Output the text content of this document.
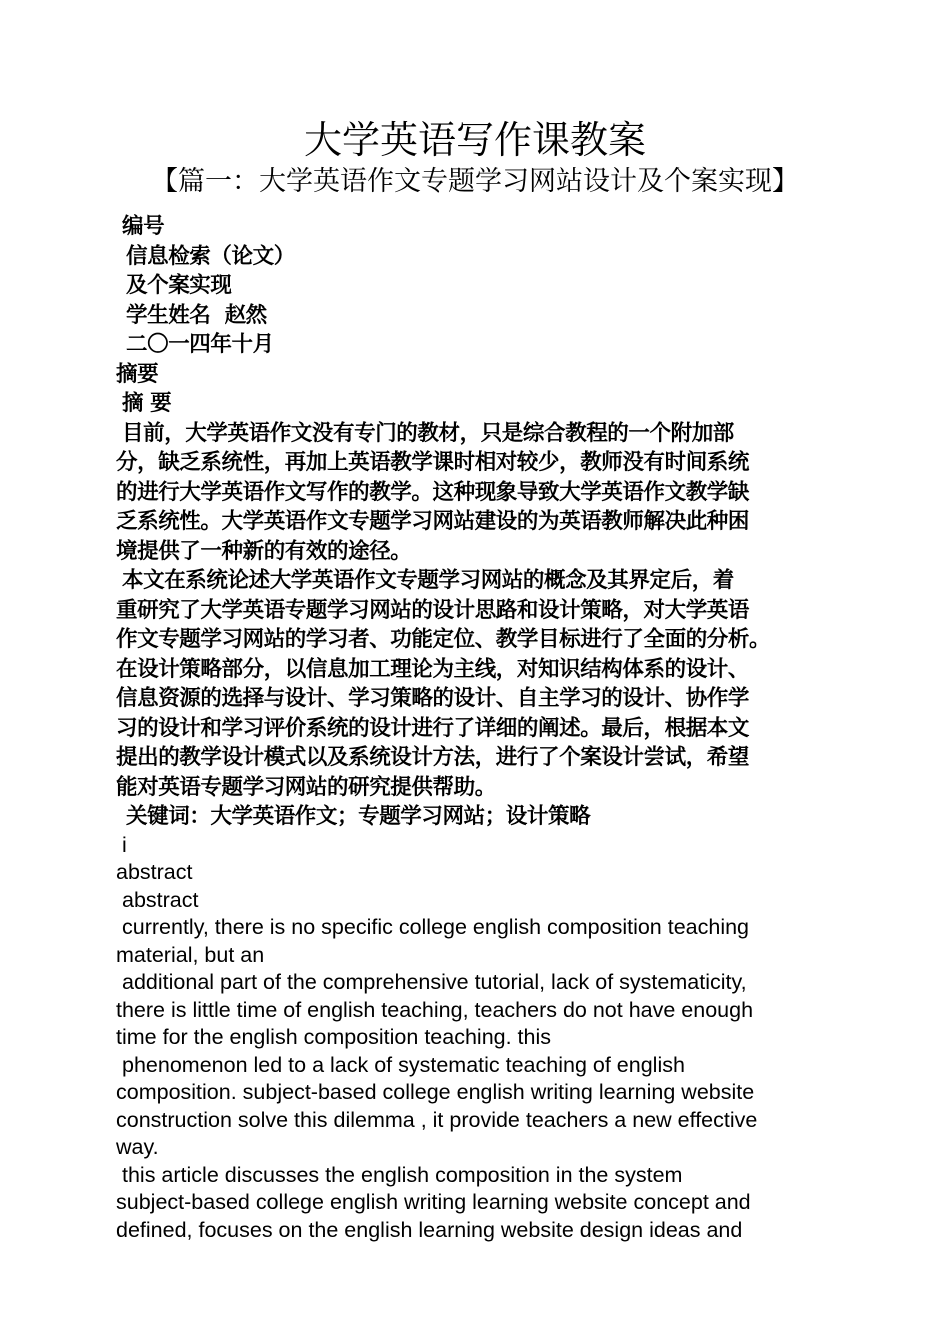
大学英语写作课教案
【篇一：大学英语作文专题学习网站设计及个案实现】
编号
信息检索（论文）
及个案实现
学生姓名  赵然
二〇一四年十月
摘要
摘 要
目前，大学英语作文没有专门的教材，只是综合教程的一个附加部
分，缺乏系统性，再加上英语教学课时相对较少，教师没有时间系统
的进行大学英语作文写作的教学。这种现象导致大学英语作文教学缺
乏系统性。大学英语作文专题学习网站建设的为英语教师解决此种困
境提供了一种新的有效的途径。
本文在系统论述大学英语作文专题学习网站的概念及其界定后，着
重研究了大学英语专题学习网站的设计思路和设计策略，对大学英语
作文专题学习网站的学习者、功能定位、教学目标进行了全面的分析。
在设计策略部分，以信息加工理论为主线，对知识结构体系的设计、
信息资源的选择与设计、学习策略的设计、自主学习的设计、协作学
习的设计和学习评价系统的设计进行了详细的阐述。最后，根据本文
提出的教学设计模式以及系统设计方法，进行了个案设计尝试，希望
能对英语专题学习网站的研究提供帮助。
关键词：大学英语作文；专题学习网站；设计策略
i
abstract
abstract
currently, there is no specific college english composition teaching
material, but an
additional part of the comprehensive tutorial, lack of systematicity,
there is little time of english teaching, teachers do not have enough
time for the english composition teaching. this
phenomenon led to a lack of systematic teaching of english
composition. subject-based college english writing learning website
construction solve this dilemma , it provide teachers a new effective
way.
this article discusses the english composition in the system
subject-based college english writing learning website concept and
defined, focuses on the english learning website design ideas and
